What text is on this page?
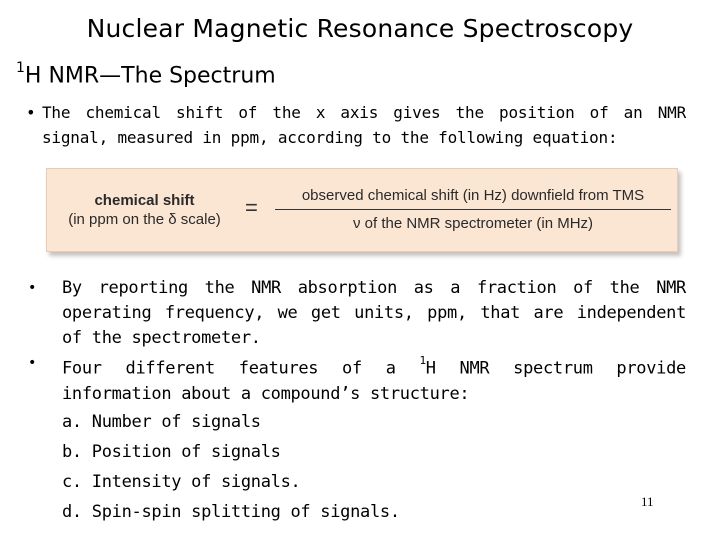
Nuclear Magnetic Resonance Spectroscopy
$^1$H NMR—The Spectrum
• The chemical shift of the x axis gives the position of an NMR signal, measured in ppm, according to the following equation:

chemical shift
(in ppm on the δ scale)	=	observed chemical shift (in Hz) downfield from TMS
ν of the NMR spectrometer (in MHz)
• By reporting the NMR absorption as a fraction of the NMR operating frequency, we get units, ppm, that are independent of the spectrometer.
• Four different features of a $^1$H NMR spectrum provide information about a compound’s structure:
a. Number of signals
b. Position of signals
c. Intensity of signals.
d. Spin-spin splitting of signals.
11
